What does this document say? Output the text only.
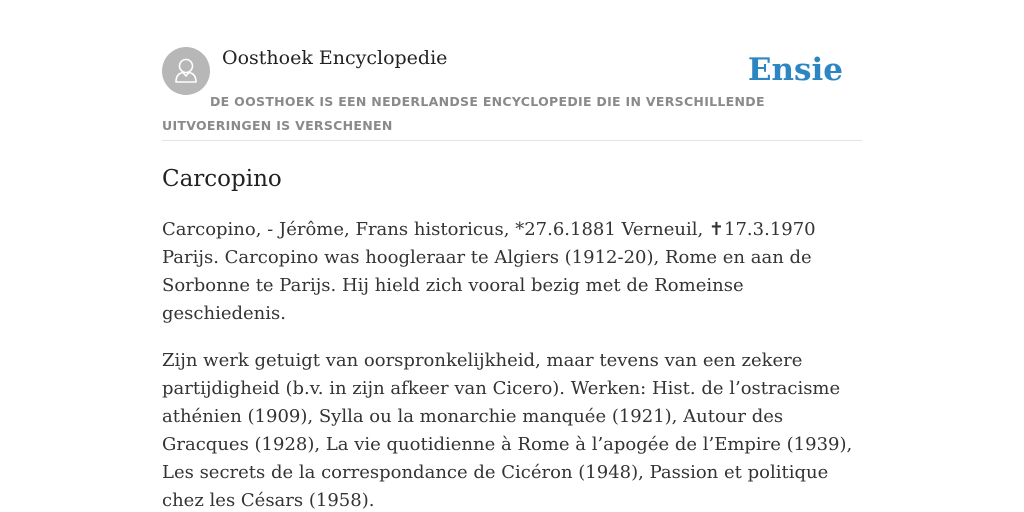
Oosthoek Encyclopedie	Ensie
DE OOSTHOEK IS EEN NEDERLANDSE ENCYCLOPEDIE DIE IN VERSCHILLENDE UITVOERINGEN IS VERSCHENEN
Carcopino

Carcopino, - Jérôme, Frans historicus, *27.6.1881 Verneuil, ✝17.3.1970 Parijs. Carcopino was hoogleraar te Algiers (1912-20), Rome en aan de Sorbonne te Parijs. Hij hield zich vooral bezig met de Romeinse geschiedenis.

Zijn werk getuigt van oorspronkelijkheid, maar tevens van een zekere partijdigheid (b.v. in zijn afkeer van Cicero). Werken: Hist. de l’ostracisme athénien (1909), Sylla ou la monarchie manquée (1921), Autour des Gracques (1928), La vie quotidienne à Rome à l’apogée de l’Empire (1939), Les secrets de la correspondance de Cicéron (1948), Passion et politique chez les Césars (1958).
